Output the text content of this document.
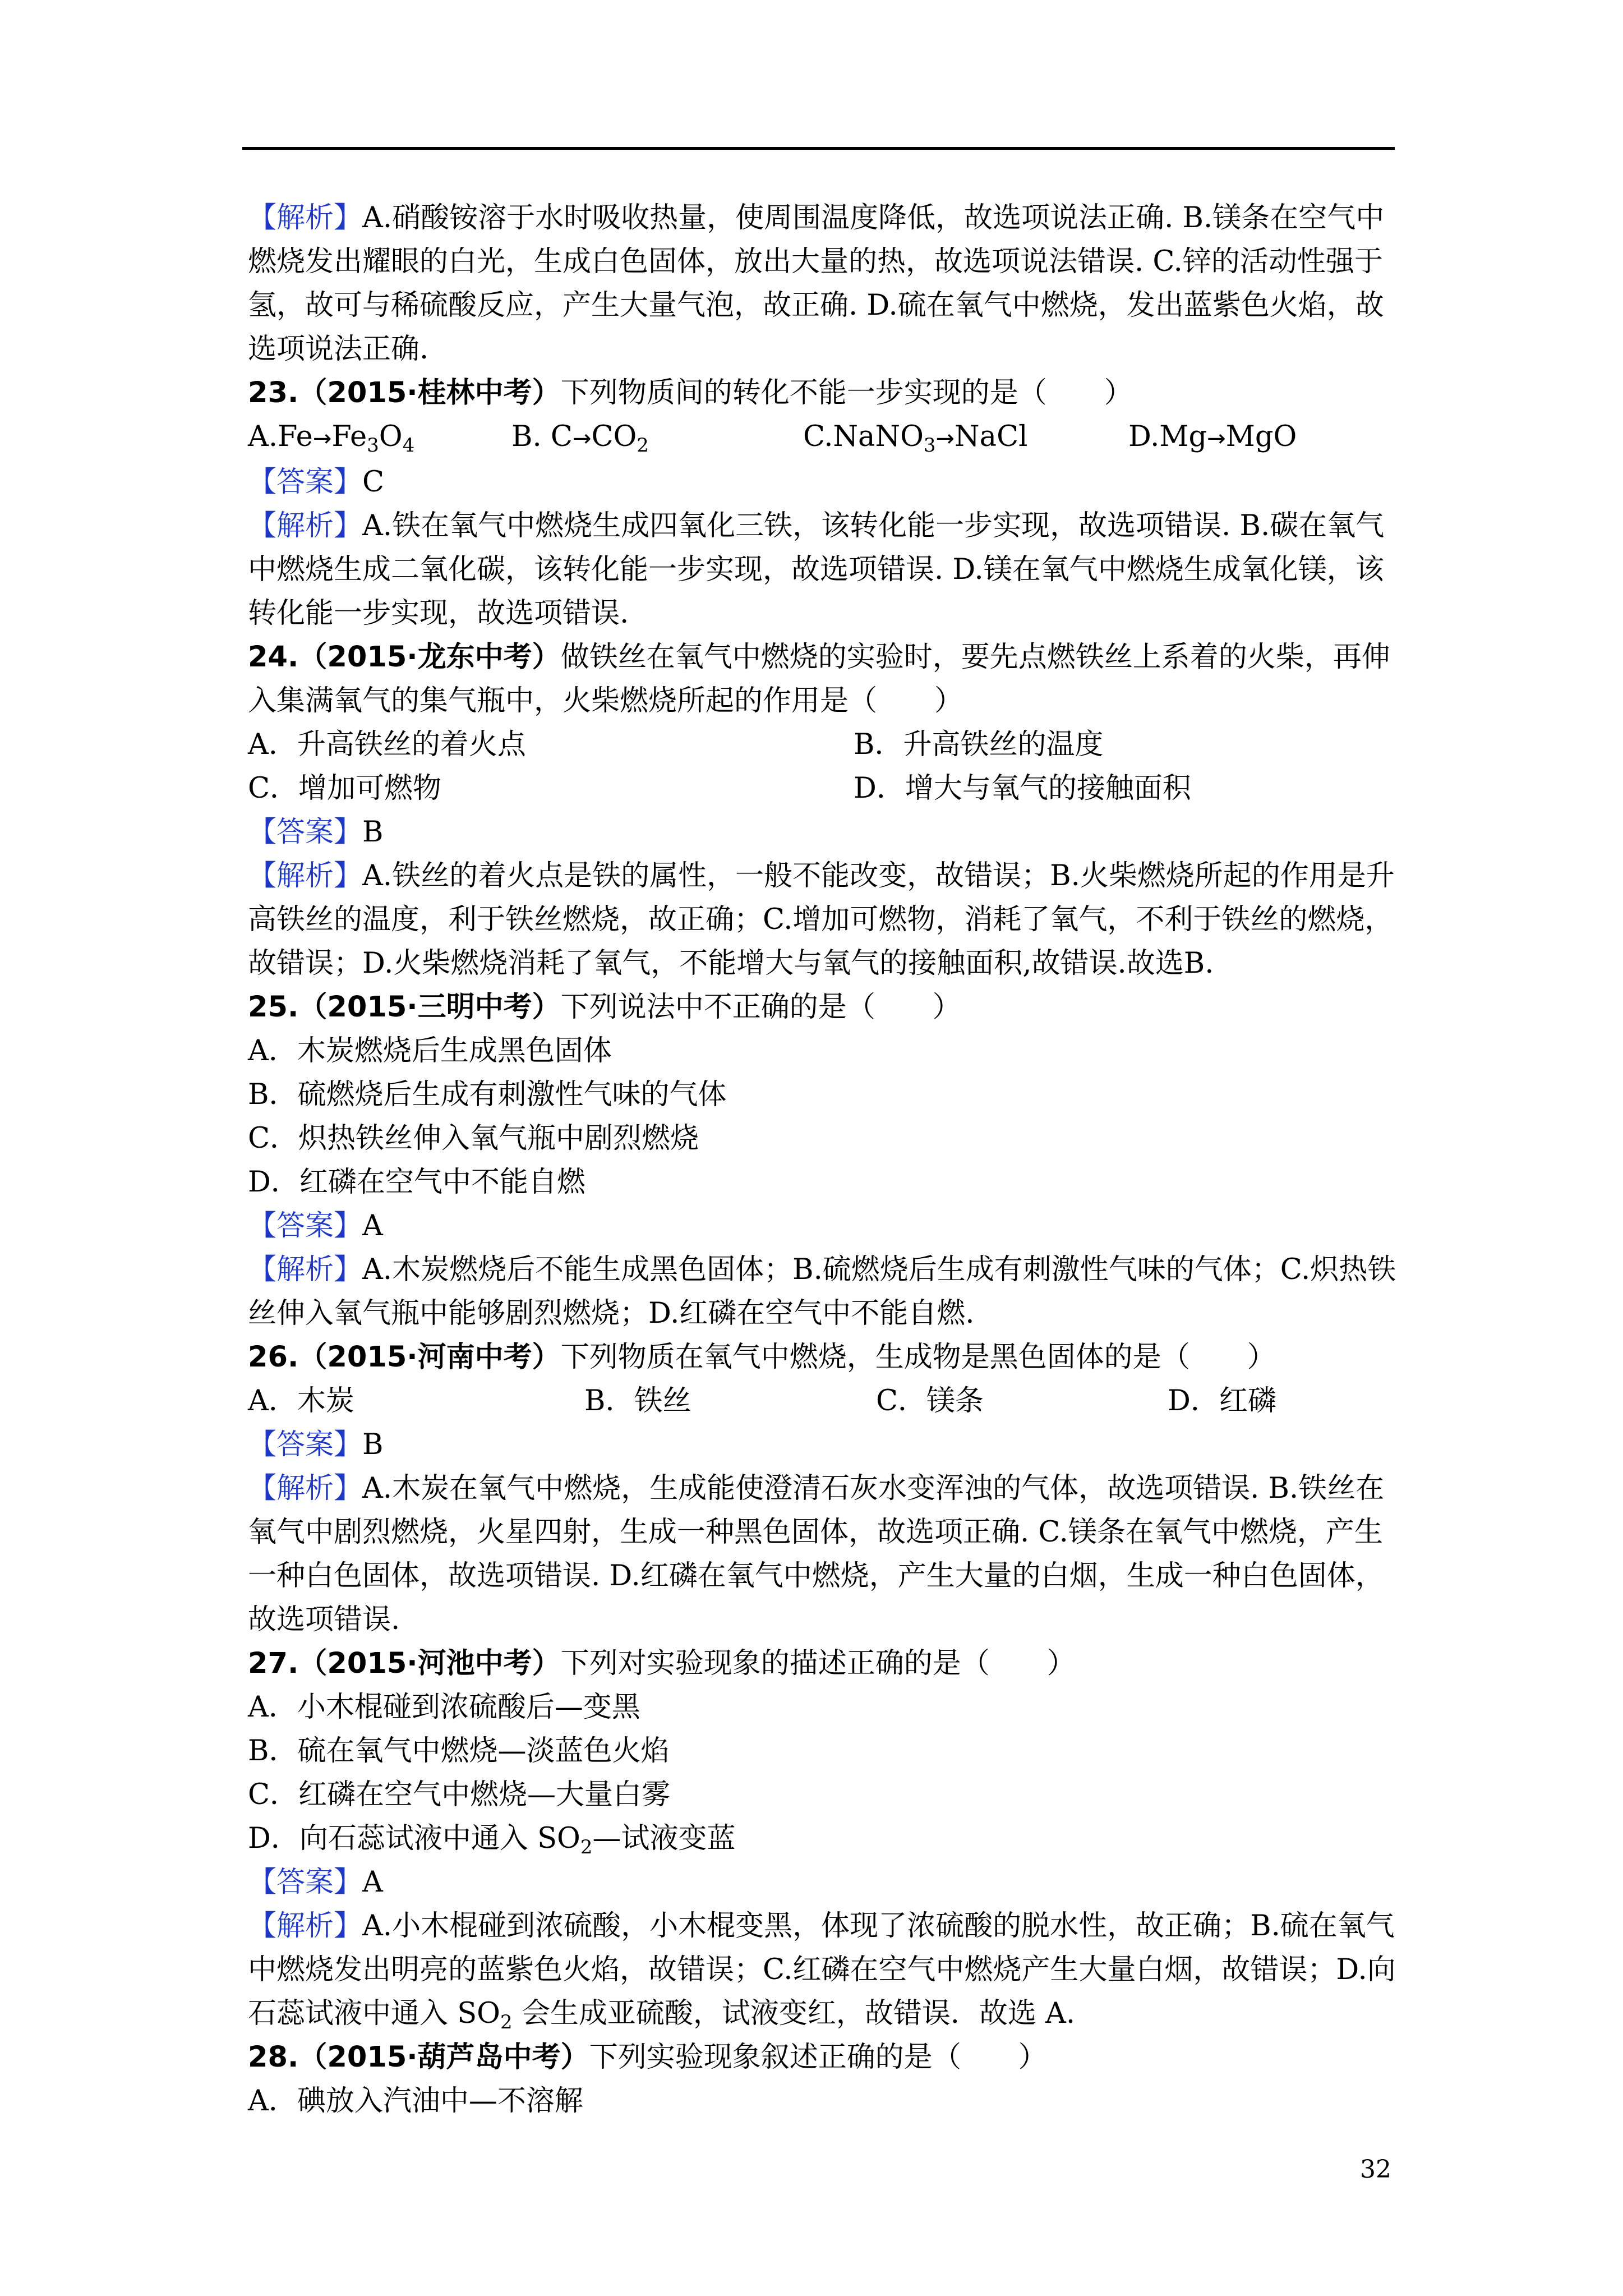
【解析】A.硝酸铵溶于水时吸收热量，使周围温度降低，故选项说法正确. B.镁条在空气中燃烧发出耀眼的白光，生成白色固体，放出大量的热，故选项说法错误. C.锌的活动性强于氢，故可与稀硫酸反应，产生大量气泡，故正确. D.硫在氧气中燃烧，发出蓝紫色火焰，故选项说法正确.

23.（2015·桂林中考）下列物质间的转化不能一步实现的是（　　）

$A.Fe\to Fe_3O_4$	B. $C\to CO_2$	C.NaNO$_3$→NaCl	D.Mg→MgO

【答案】C

【解析】A.铁在氧气中燃烧生成四氧化三铁，该转化能一步实现，故选项错误. B.碳在氧气中燃烧生成二氧化碳，该转化能一步实现，故选项错误. D.镁在氧气中燃烧生成氧化镁，该转化能一步实现，故选项错误.

24.（2015·龙东中考）做铁丝在氧气中燃烧的实验时，要先点燃铁丝上系着的火柴，再伸入集满氧气的集气瓶中，火柴燃烧所起的作用是（　　）

A．升高铁丝的着火点	B．升高铁丝的温度
C．增加可燃物	D．增大与氧气的接触面积

【答案】B

【解析】A.铁丝的着火点是铁的属性，一般不能改变，故错误；B.火柴燃烧所起的作用是升高铁丝的温度，利于铁丝燃烧，故正确；C.增加可燃物，消耗了氧气，不利于铁丝的燃烧，故错误；D.火柴燃烧消耗了氧气，不能增大与氧气的接触面积,故错误.故选B.

25.（2015·三明中考）下列说法中不正确的是（　　）

A．木炭燃烧后生成黑色固体

B．硫燃烧后生成有刺激性气味的气体

C．炽热铁丝伸入氧气瓶中剧烈燃烧

D．红磷在空气中不能自燃

【答案】A

【解析】A.木炭燃烧后不能生成黑色固体；B.硫燃烧后生成有刺激性气味的气体；C.炽热铁丝伸入氧气瓶中能够剧烈燃烧；D.红磷在空气中不能自燃.

26.（2015·河南中考）下列物质在氧气中燃烧，生成物是黑色固体的是（　　）

A．木炭	B．铁丝	C．镁条	D．红磷

【答案】B

【解析】A.木炭在氧气中燃烧，生成能使澄清石灰水变浑浊的气体，故选项错误. B.铁丝在氧气中剧烈燃烧，火星四射，生成一种黑色固体，故选项正确. C.镁条在氧气中燃烧，产生一种白色固体，故选项错误. D.红磷在氧气中燃烧，产生大量的白烟，生成一种白色固体，故选项错误.

27.（2015·河池中考）下列对实验现象的描述正确的是（　　）

A．小木棍碰到浓硫酸后—变黑

B．硫在氧气中燃烧—淡蓝色火焰

C．红磷在空气中燃烧—大量白雾

D．向石蕊试液中通入 $SO_2—$试液变蓝

【答案】A

【解析】A.小木棍碰到浓硫酸，小木棍变黑，体现了浓硫酸的脱水性，故正确；B.硫在氧气中燃烧发出明亮的蓝紫色火焰，故错误；C.红磷在空气中燃烧产生大量白烟，故错误；D.向石蕊试液中通入 $SO_2$ 会生成亚硫酸，试液变红，故错误．故选 A.

28.（2015·葫芦岛中考）下列实验现象叙述正确的是（　　）

A．碘放入汽油中—不溶解

32
